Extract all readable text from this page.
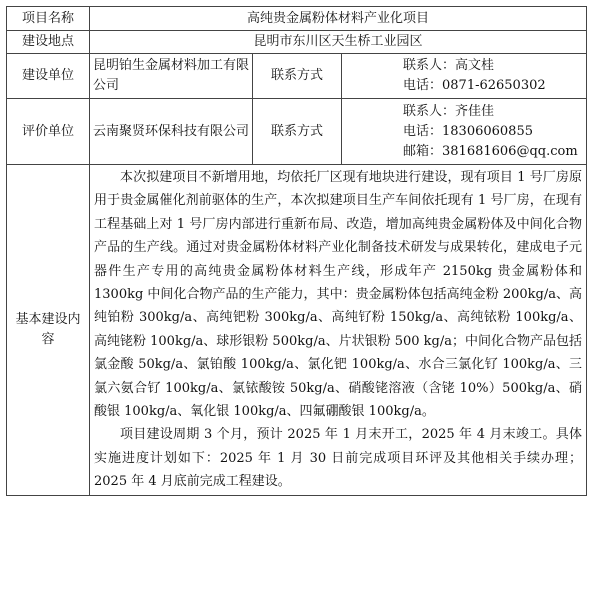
项目名称	高纯贵金属粉体材料产业化项目		
建设地点	昆明市东川区天生桥工业园区		
建设单位	昆明铂生金属材料加工有限公司	联系方式	联系人：高文桂
电话：0871-62650302

评价单位	云南聚贤环保科技有限公司	联系方式	联系人：齐佳佳
电话：18306060855
邮箱：381681606@qq.com

基本建设内容	本次拟建项目不新增用地，均依托厂区现有地块进行建设，现有项目 1 号厂房原用于贵金属催化剂前驱体的生产，本次拟建项目生产车间依托现有 1 号厂房，在现有工程基础上对 1 号厂房内部进行重新布局、改造，增加高纯贵金属粉体及中间化合物产品的生产线。通过对贵金属粉体材料产业化制备技术研发与成果转化，建成电子元器件生产专用的高纯贵金属粉体材料生产线，形成年产 2150kg 贵金属粉体和 1300kg 中间化合物产品的生产能力，其中：贵金属粉体包括高纯金粉 200kg/a、高纯铂粉 300kg/a、高纯钯粉 300kg/a、高纯钌粉 150kg/a、高纯铱粉 100kg/a、高纯铑粉 100kg/a、球形银粉 500kg/a、片状银粉 500 kg/a；中间化合物产品包括氯金酸 50kg/a、氯铂酸 100kg/a、氯化钯 100kg/a、水合三氯化钌 100kg/a、三氯六氨合钌 100kg/a、氯铱酸铵 50kg/a、硝酸铑溶液（含铑 10%）500kg/a、硝酸银 100kg/a、氧化银 100kg/a、四氟硼酸银 100kg/a。

项目建设周期 3 个月，预计 2025 年 1 月末开工，2025 年 4 月末竣工。具体实施进度计划如下：2025 年 1 月 30 日前完成项目环评及其他相关手续办理；2025 年 4 月底前完成工程建设。		
